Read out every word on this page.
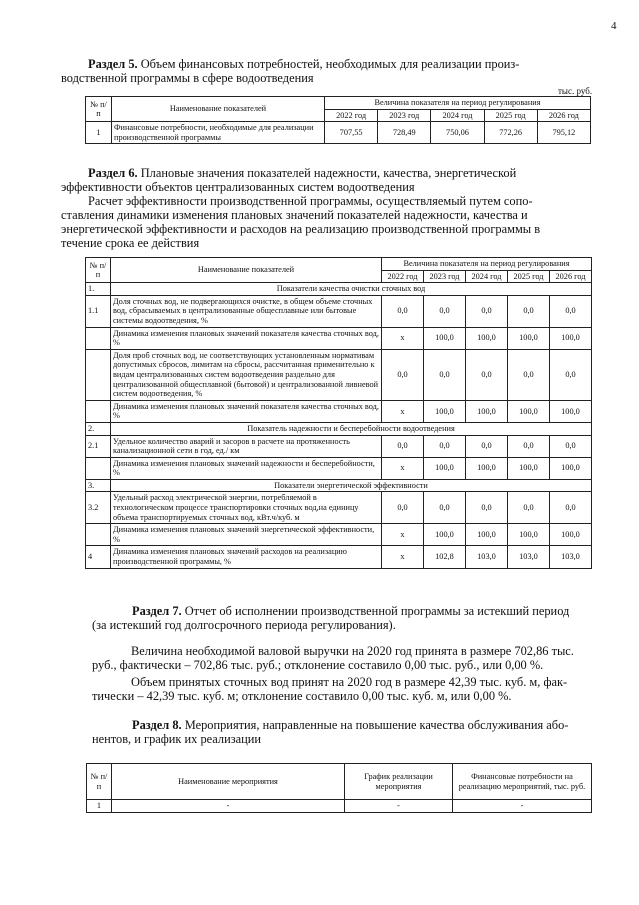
4
Раздел 5. Объем финансовых потребностей, необходимых для реализации произ-
водственной программы в сфере водоотведения
тыс. руб.
№ п/п	Наименование показателей	Величина показателя на период регулирования				
		2022 год	2023 год	2024 год	2025 год	2026 год
1	Финансовые потребности, необходимые для реализации производственной программы	707,55	728,49	750,06	772,26	795,12
Раздел 6. Плановые значения показателей надежности, качества, энергетической
эффективности объектов централизованных систем водоотведения
Расчет эффективности производственной программы, осуществляемый путем сопо-
ставления динамики изменения плановых значений показателей надежности, качества и
энергетической эффективности и расходов на реализацию производственной программы в
течение срока ее действия
№ п/п	Наименование показателей	Величина показателя на период регулирования				
		2022 год	2023 год	2024 год	2025 год	2026 год
1.	Показатели качества очистки сточных вод					
1.1	Доля сточных вод, не подвергающихся очистке, в общем объеме сточных вод, сбрасываемых в централизованные общесплавные или бытовые системы водоотведения, %	0,0	0,0	0,0	0,0	0,0
	Динамика изменения плановых значений показателя качества сточных вод, %	х	100,0	100,0	100,0	100,0
	Доля проб сточных вод, не соответствующих установленным нормативам допустимых сбросов, лимитам на сбросы, рассчитанная применительно к видам централизованных систем водоотведения раздельно для централизованной общесплавной (бытовой) и централизованной ливневой систем водоотведения, %	0,0	0,0	0,0	0,0	0,0
	Динамика изменения плановых значений показателя качества сточных вод, %	х	100,0	100,0	100,0	100,0
2.	Показатель надежности и бесперебойности водоотведения					
2.1	Удельное количество аварий и засоров в расчете на протяженность канализационной сети в год, ед./ км	0,0	0,0	0,0	0,0	0,0
	Динамика изменения плановых значений надежности и бесперебойности, %	х	100,0	100,0	100,0	100,0
3.	Показатели энергетической эффективности					
3.2	Удельный расход электрической энергии, потребляемой в технологическом процессе транспортировки сточных вод,на единицу объема транспортируемых сточных вод, кВт.ч/куб. м	0,0	0,0	0,0	0,0	0,0
	Динамика изменения плановых значений энергетической эффективности, %	х	100,0	100,0	100,0	100,0
4	Динамика изменения плановых значений расходов на реализацию производственной программы, %	х	102,8	103,0	103,0	103,0
Раздел 7. Отчет об исполнении производственной программы за истекший период
(за истекший год долгосрочного периода регулирования).
Величина необходимой валовой выручки на 2020 год принята в размере 702,86 тыс.
руб., фактически – 702,86 тыс. руб.; отклонение составило 0,00 тыс. руб., или 0,00 %.
Объем принятых сточных вод принят на 2020 год в размере 42,39 тыс. куб. м, фак-
тически – 42,39 тыс. куб. м; отклонение составило 0,00 тыс. куб. м, или 0,00 %.
Раздел 8. Мероприятия, направленные на повышение качества обслуживания або-
нентов, и график их реализации
№ п/п	Наименование мероприятия	График реализации мероприятия	Финансовые потребности на реализацию мероприятий, тыс. руб.
1	-	-	-
